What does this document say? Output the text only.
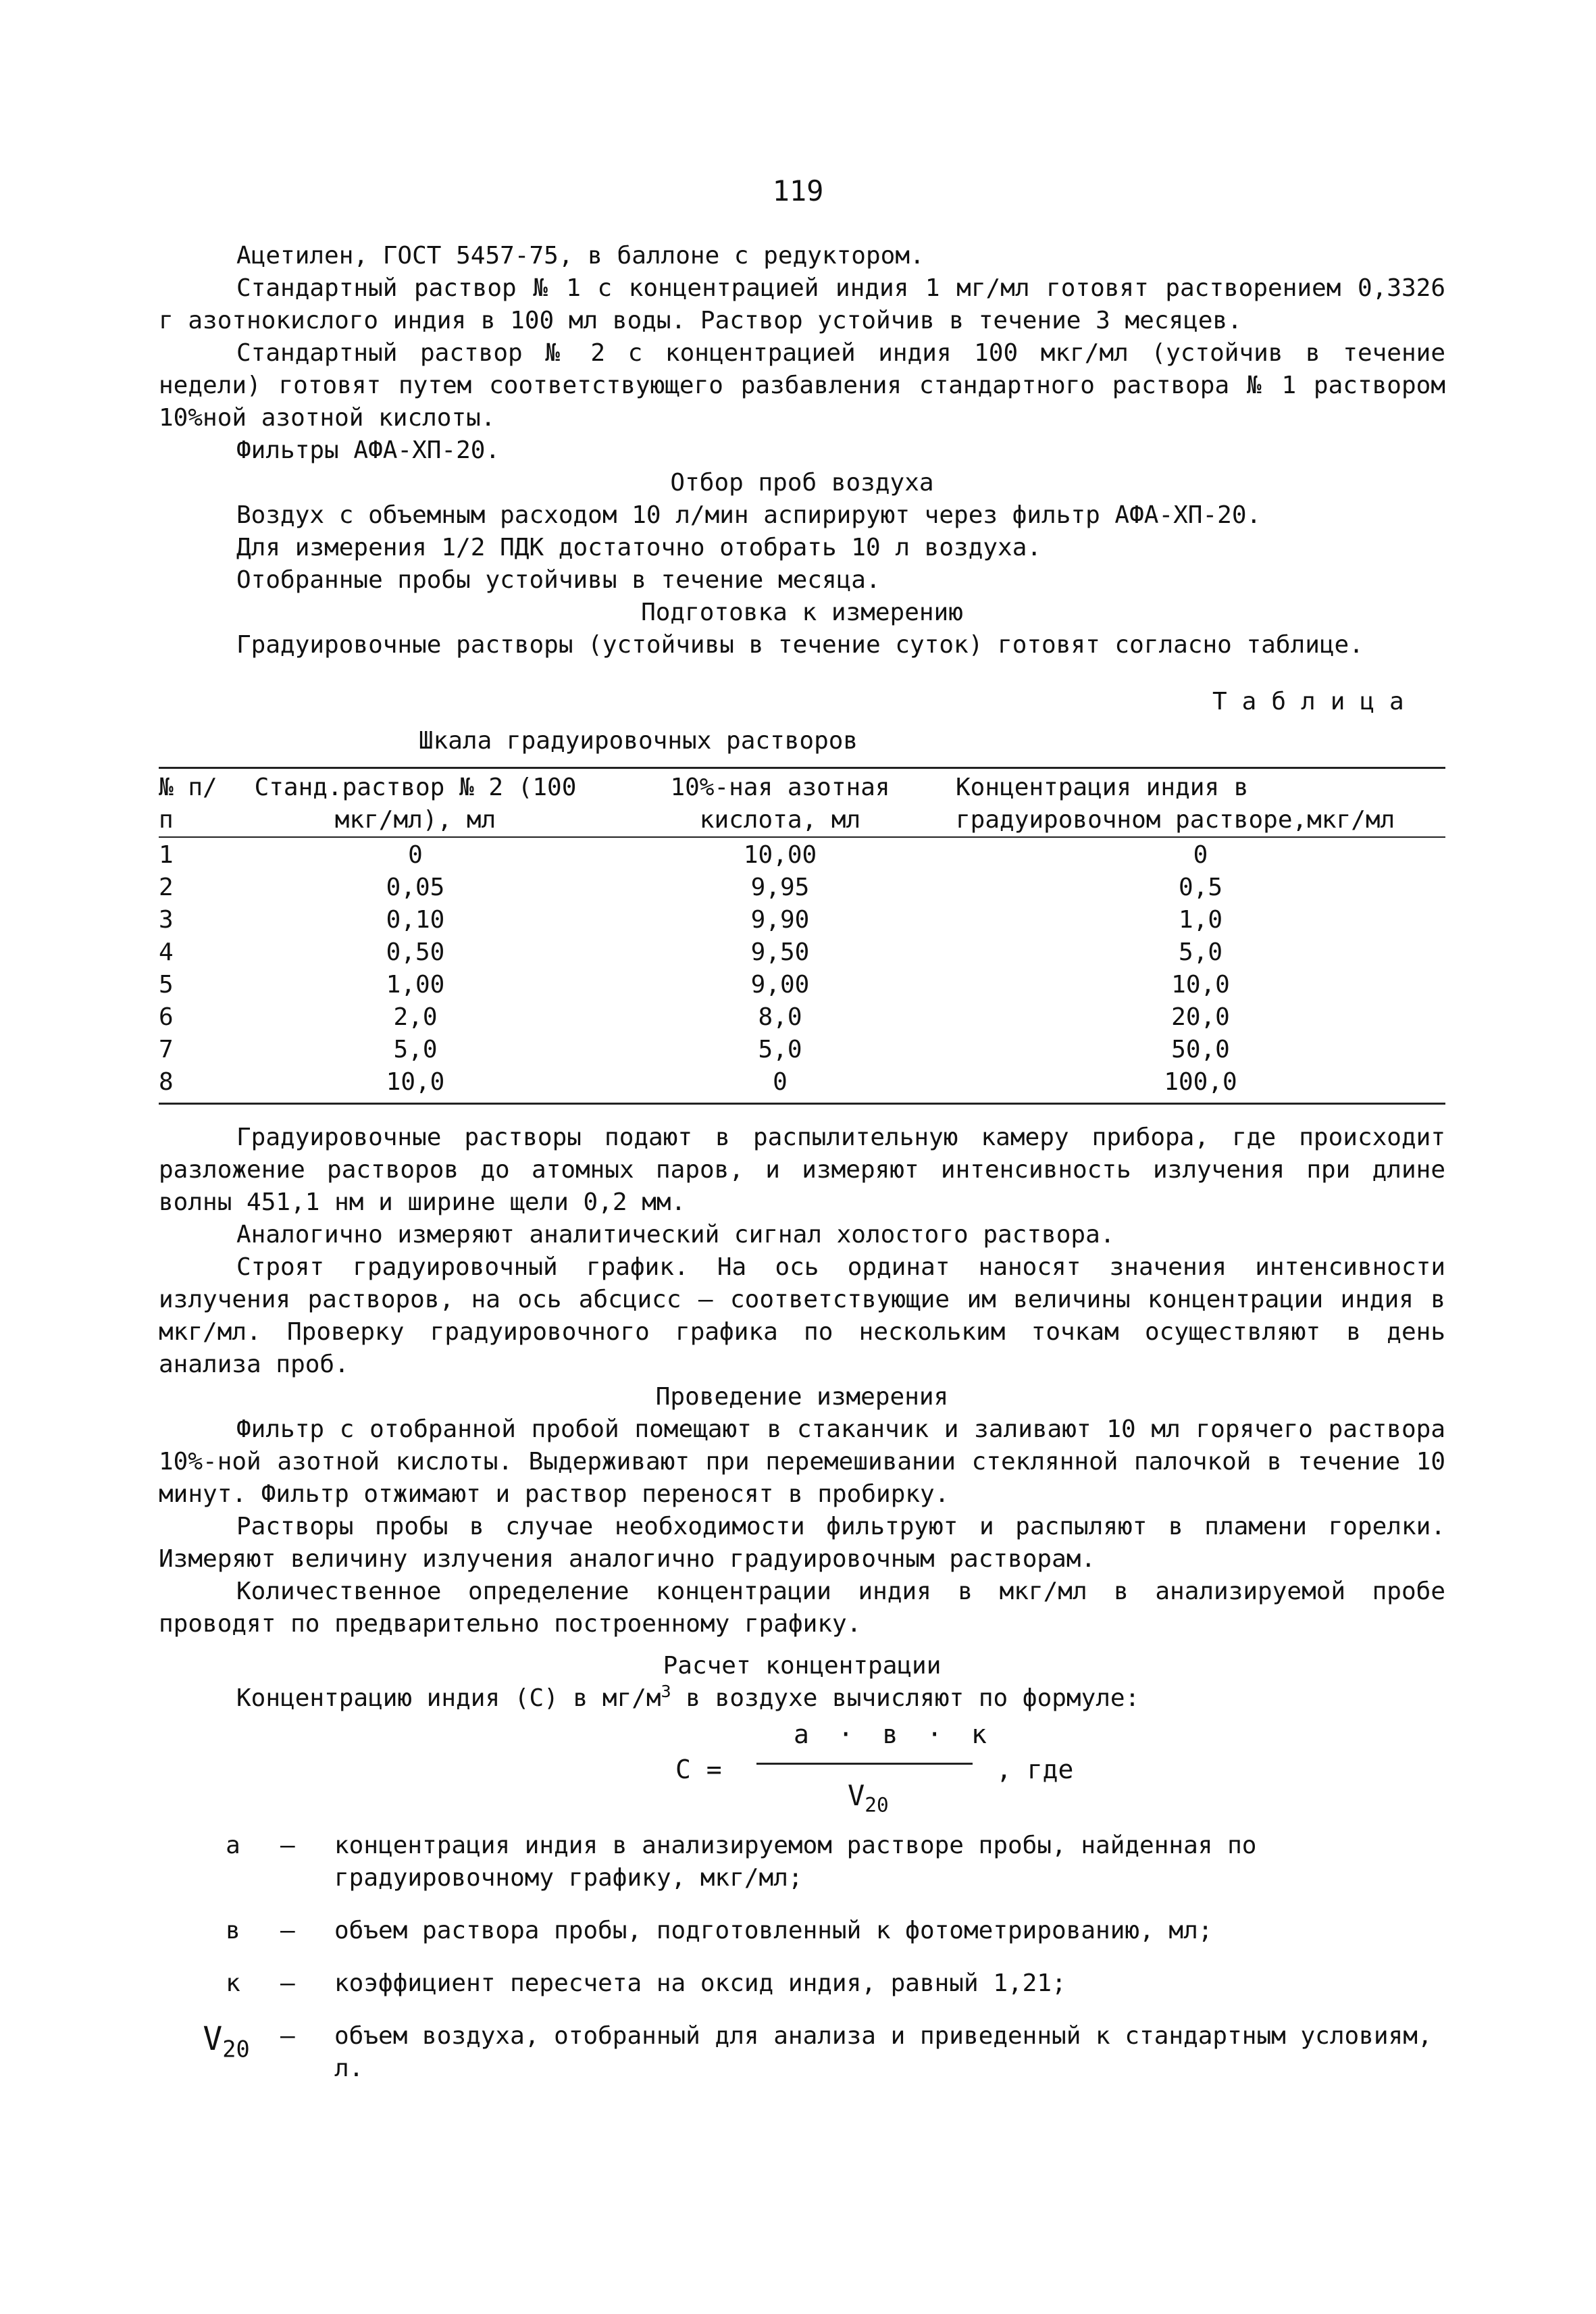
119

Ацетилен, ГОСТ 5457-75, в баллоне с редуктором.

Стандартный раствор № 1 с концентрацией индия 1 мг/мл готовят растворением 0,3326 г азотнокислого индия в 100 мл воды. Раствор устойчив в течение 3 месяцев.

Стандартный раствор № 2 с концентрацией индия 100 мкг/мл (устойчив в течение недели) готовят путем соответствующего разбавления стандартного раствора № 1 раствором 10%ной азотной кислоты.

Фильтры АФА-ХП-20.

Отбор проб воздуха

Воздух с объемным расходом 10 л/мин аспирируют через фильтр АФА-ХП-20.

Для измерения 1/2 ПДК достаточно отобрать 10 л воздуха.

Отобранные пробы устойчивы в течение месяца.

Подготовка к измерению

Градуировочные растворы (устойчивы в течение суток) готовят согласно таблице.

Таблица
Шкала градуировочных растворов
№ п/п	Станд.раствор № 2 (100 мкг/мл), мл	10%-ная азотная кислота, мл	Концентрация индия в градуировочном растворе,мкг/мл
1	0	10,00	0
2	0,05	9,95	0,5
3	0,10	9,90	1,0
4	0,50	9,50	5,0
5	1,00	9,00	10,0
6	2,0	8,0	20,0
7	5,0	5,0	50,0
8	10,0	0	100,0

Градуировочные растворы подают в распылительную камеру прибора, где происходит разложение растворов до атомных паров, и измеряют интенсивность излучения при длине волны 451,1 нм и ширине щели 0,2 мм.

Аналогично измеряют аналитический сигнал холостого раствора.

Строят градуировочный график. На ось ординат наносят значения интенсивности излучения растворов, на ось абсцисс – соответствующие им величины концентрации индия в мкг/мл. Проверку градуировочного графика по нескольким точкам осуществляют в день анализа проб.

Проведение измерения

Фильтр с отобранной пробой помещают в стаканчик и заливают 10 мл горячего раствора 10%-ной азотной кислоты. Выдерживают при перемешивании стеклянной палочкой в течение 10 минут. Фильтр отжимают и раствор переносят в пробирку.

Растворы пробы в случае необходимости фильтруют и распыляют в пламени горелки. Измеряют величину излучения аналогично градуировочным растворам.

Количественное определение концентрации индия в мкг/мл в анализируемой пробе проводят по предварительно построенному графику.

Расчет концентрации

Концентрацию индия (С) в $мг/м^3$ в воздухе вычисляют по формуле:

С =
а · в · к
$V_{20}$
, где
а	– концентрация индия в анализируемом растворе пробы, найденная по градуировочному графику, мкг/мл;
в	– объем раствора пробы, подготовленный к фотометрированию, мл;
к	– коэффициент пересчета на оксид индия, равный 1,21;
$V_{20}$ – объем воздуха, отобранный для анализа и приведенный к стандартным условиям, л.
